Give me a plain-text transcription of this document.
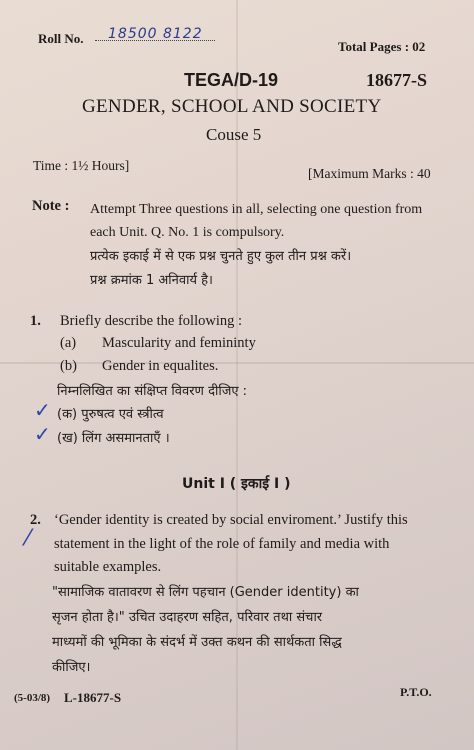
Roll No. 18500 8122
Total Pages : 02
TEGA/D-19	18677-S
GENDER, SCHOOL AND SOCIETY
Couse 5
Time : 1½ Hours]
[Maximum Marks : 40
Note : Attempt Three questions in all, selecting one question from
each Unit. Q. No. 1 is compulsory.
प्रत्येक इकाई में से एक प्रश्न चुनते हुए कुल तीन प्रश्न करें।
प्रश्न क्रमांक 1 अनिवार्य है।
1. Briefly describe the following :
(a) Mascularity and femininty
(b) Gender in equalites.
निम्नलिखित का संक्षिप्त विवरण दीजिए :
✓ (क) पुरुषत्व एवं स्त्रीत्व
✓ (ख) लिंग असमानताएँ ।
Unit I ( इकाई I )
2.
⁄
‘Gender identity is created by social enviroment.’ Justify this
statement in the light of the role of family and media with
suitable examples.
"सामाजिक वातावरण से लिंग पहचान (Gender identity) का
सृजन होता है।" उचित उदाहरण सहित, परिवार तथा संचार
माध्यमों की भूमिका के संदर्भ में उक्त कथन की सार्थकता सिद्ध
कीजिए।
(5-03/8) L-18677-S	P.T.O.
